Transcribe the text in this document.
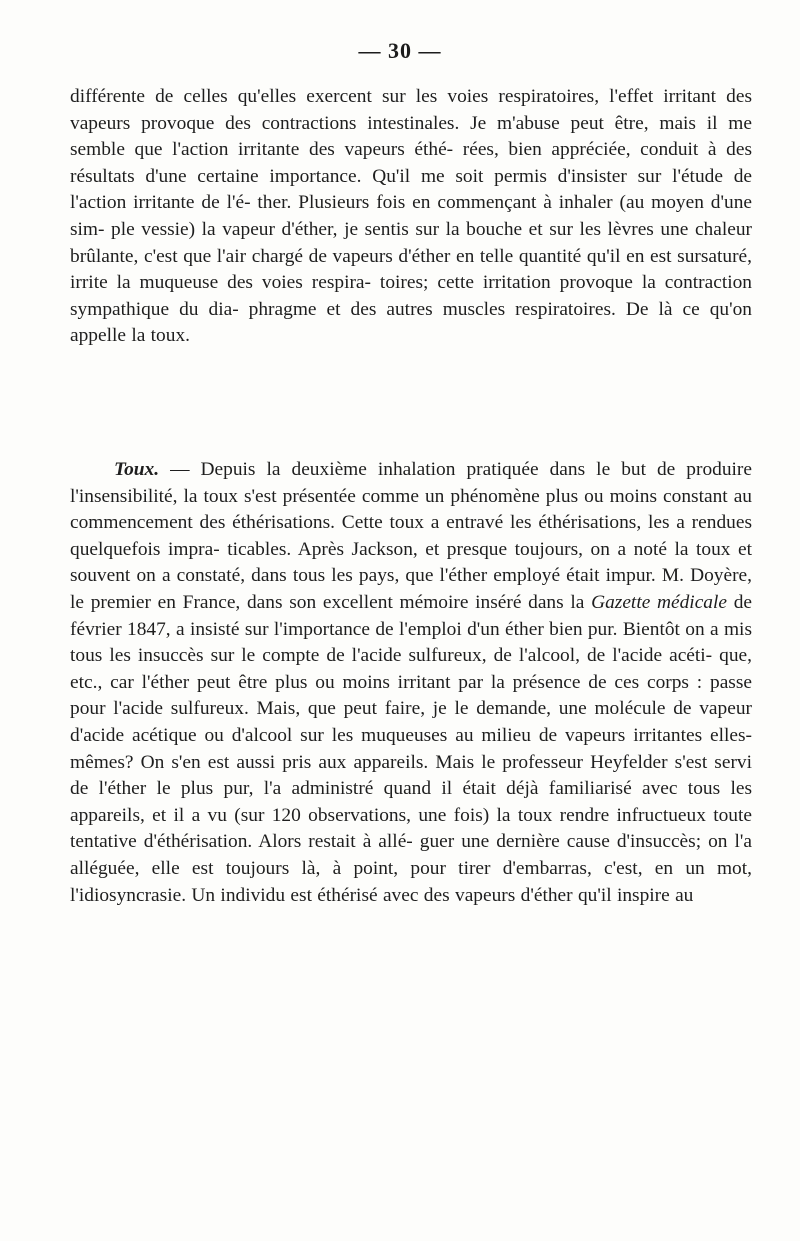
— 30 —
différente de celles qu'elles exercent sur les voies respiratoires, l'effet irritant des vapeurs provoque des contractions intestinales. Je m'abuse peut être, mais il me semble que l'action irritante des vapeurs éthé- rées, bien appréciée, conduit à des résultats d'une certaine importance. Qu'il me soit permis d'insister sur l'étude de l'action irritante de l'é- ther. Plusieurs fois en commençant à inhaler (au moyen d'une sim- ple vessie) la vapeur d'éther, je sentis sur la bouche et sur les lèvres une chaleur brûlante, c'est que l'air chargé de vapeurs d'éther en telle quantité qu'il en est sursaturé, irrite la muqueuse des voies respira- toires; cette irritation provoque la contraction sympathique du dia- phragme et des autres muscles respiratoires. De là ce qu'on appelle la toux.
Toux. — Depuis la deuxième inhalation pratiquée dans le but de produire l'insensibilité, la toux s'est présentée comme un phénomène plus ou moins constant au commencement des éthérisations. Cette toux a entravé les éthérisations, les a rendues quelquefois impra- ticables. Après Jackson, et presque toujours, on a noté la toux et souvent on a constaté, dans tous les pays, que l'éther employé était impur. M. Doyère, le premier en France, dans son excellent mémoire inséré dans la Gazette médicale de février 1847, a insisté sur l'importance de l'emploi d'un éther bien pur. Bientôt on a mis tous les insuccès sur le compte de l'acide sulfureux, de l'alcool, de l'acide acéti- que, etc., car l'éther peut être plus ou moins irritant par la présence de ces corps : passe pour l'acide sulfureux. Mais, que peut faire, je le demande, une molécule de vapeur d'acide acétique ou d'alcool sur les muqueuses au milieu de vapeurs irritantes elles-mêmes? On s'en est aussi pris aux appareils. Mais le professeur Heyfelder s'est servi de l'éther le plus pur, l'a administré quand il était déjà familiarisé avec tous les appareils, et il a vu (sur 120 observations, une fois) la toux rendre infructueux toute tentative d'éthérisation. Alors restait à allé- guer une dernière cause d'insuccès; on l'a alléguée, elle est toujours là, à point, pour tirer d'embarras, c'est, en un mot, l'idiosyncrasie. Un individu est éthérisé avec des vapeurs d'éther qu'il inspire au
